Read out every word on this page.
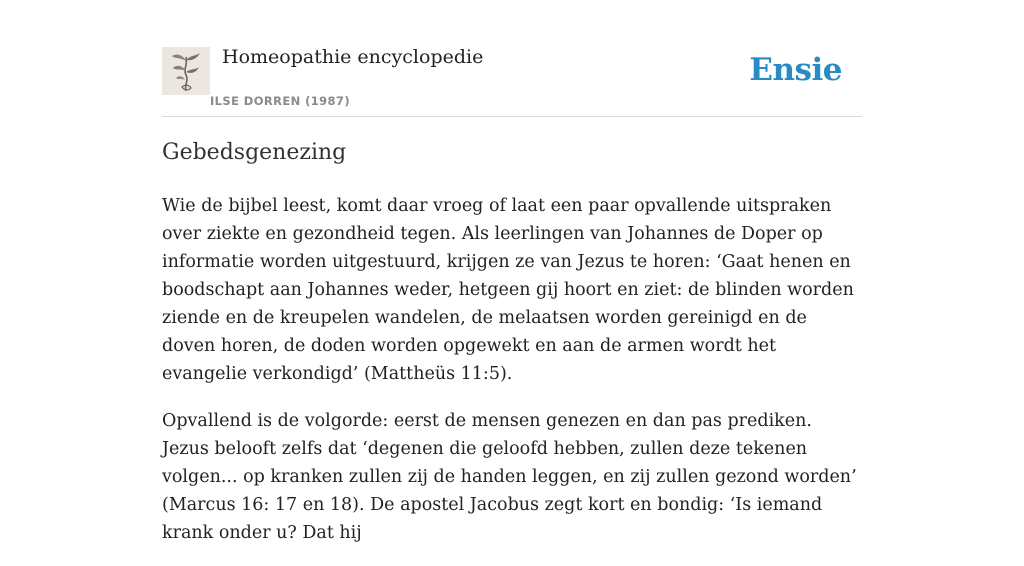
Homeopathie encyclopedie
ILSE DORREN (1987)
Ensie
Gebedsgenezing

Wie de bijbel leest, komt daar vroeg of laat een paar opvallende uitspraken over ziekte en gezondheid tegen. Als leerlingen van Johannes de Doper op informatie worden uitgestuurd, krijgen ze van Jezus te horen: ‘Gaat henen en boodschapt aan Johannes weder, hetgeen gij hoort en ziet: de blinden worden ziende en de kreupelen wandelen, de melaatsen worden gereinigd en de doven horen, de doden worden opgewekt en aan de armen wordt het evangelie verkondigd’ (Mattheüs 11:5).

Opvallend is de volgorde: eerst de mensen genezen en dan pas prediken. Jezus belooft zelfs dat ‘degenen die geloofd hebben, zullen deze tekenen volgen... op kranken zullen zij de handen leggen, en zij zullen gezond worden’ (Marcus 16: 17 en 18). De apostel Jacobus zegt kort en bondig: ‘Is iemand krank onder u? Dat hij
